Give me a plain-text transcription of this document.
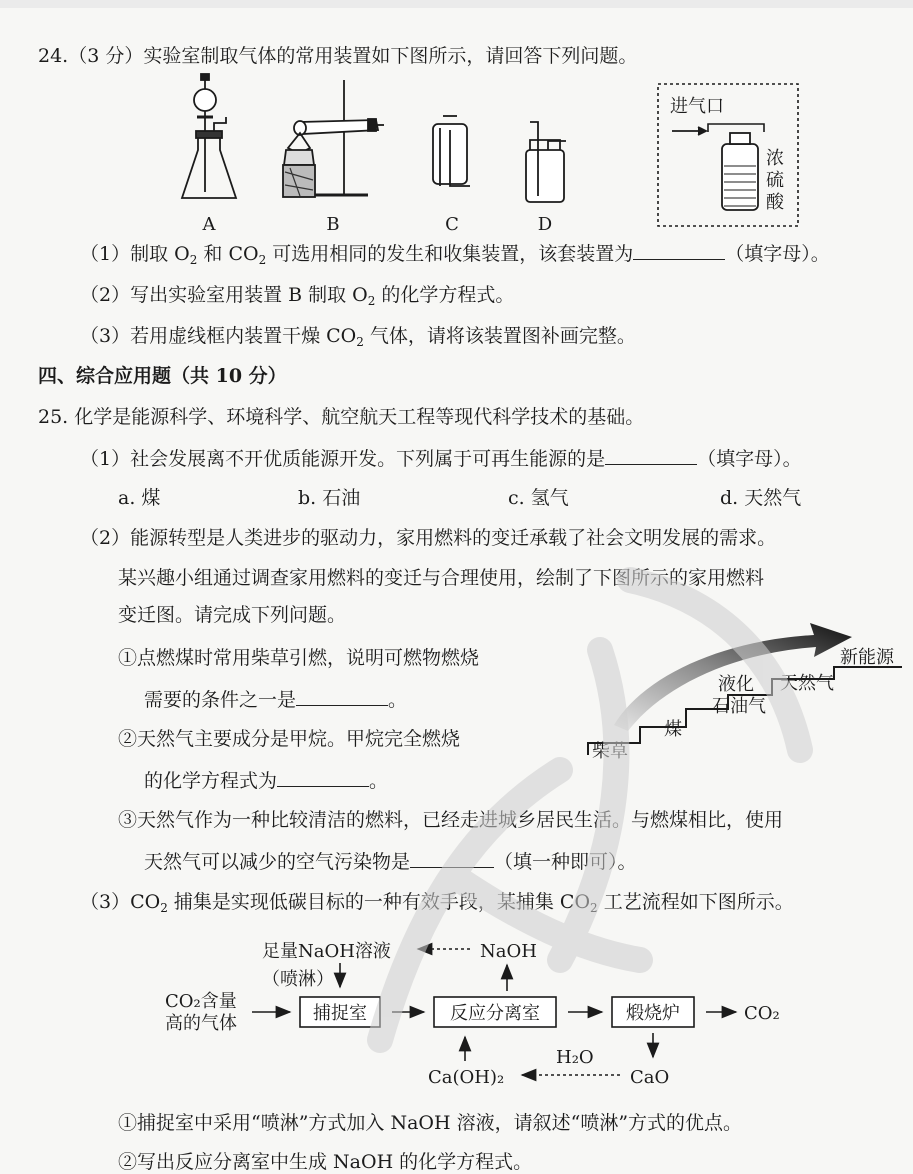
24.（3 分）实验室制取气体的常用装置如下图所示，请回答下列问题。
A	B	C	D
进气口
浓
硫
酸
（1）制取 $O_2$ 和 $CO_2$ 可选用相同的发生和收集装置，该套装置为	（填字母）。
（2）写出实验室用装置 B 制取 $O_2$ 的化学方程式。
（3）若用虚线框内装置干燥 $CO_2$ 气体，请将该装置图补画完整。
四、综合应用题（共 10 分）
25. 化学是能源科学、环境科学、航空航天工程等现代科学技术的基础。
（1）社会发展离不开优质能源开发。下列属于可再生能源的是	（填字母）。
a. 煤	b. 石油	c. 氢气	d. 天然气
（2）能源转型是人类进步的驱动力，家用燃料的变迁承载了社会文明发展的需求。
某兴趣小组通过调查家用燃料的变迁与合理使用，绘制了下图所示的家用燃料
变迁图。请完成下列问题。
①点燃煤时常用柴草引燃，说明可燃物燃烧
需要的条件之一是	。
②天然气主要成分是甲烷。甲烷完全燃烧
的化学方程式为	。
柴草
煤
液化
石油气
天然气
新能源
③天然气作为一种比较清洁的燃料，已经走进城乡居民生活。与燃煤相比，使用
天然气可以减少的空气污染物是	（填一种即可）。
$(3)CO_2$ 捕集是实现低碳目标的一种有效手段，某捕集 $CO_2$ 工艺流程如下图所示。
CO₂含量
高的气体
足量NaOH溶液
（喷淋）
NaOH
CO₂
Ca(OH)₂	CaO
H₂O
捕捉室	反应分离室	煅烧炉
①捕捉室中采用“喷淋”方式加入 NaOH 溶液，请叙述“喷淋”方式的优点。
②写出反应分离室中生成 NaOH 的化学方程式。
